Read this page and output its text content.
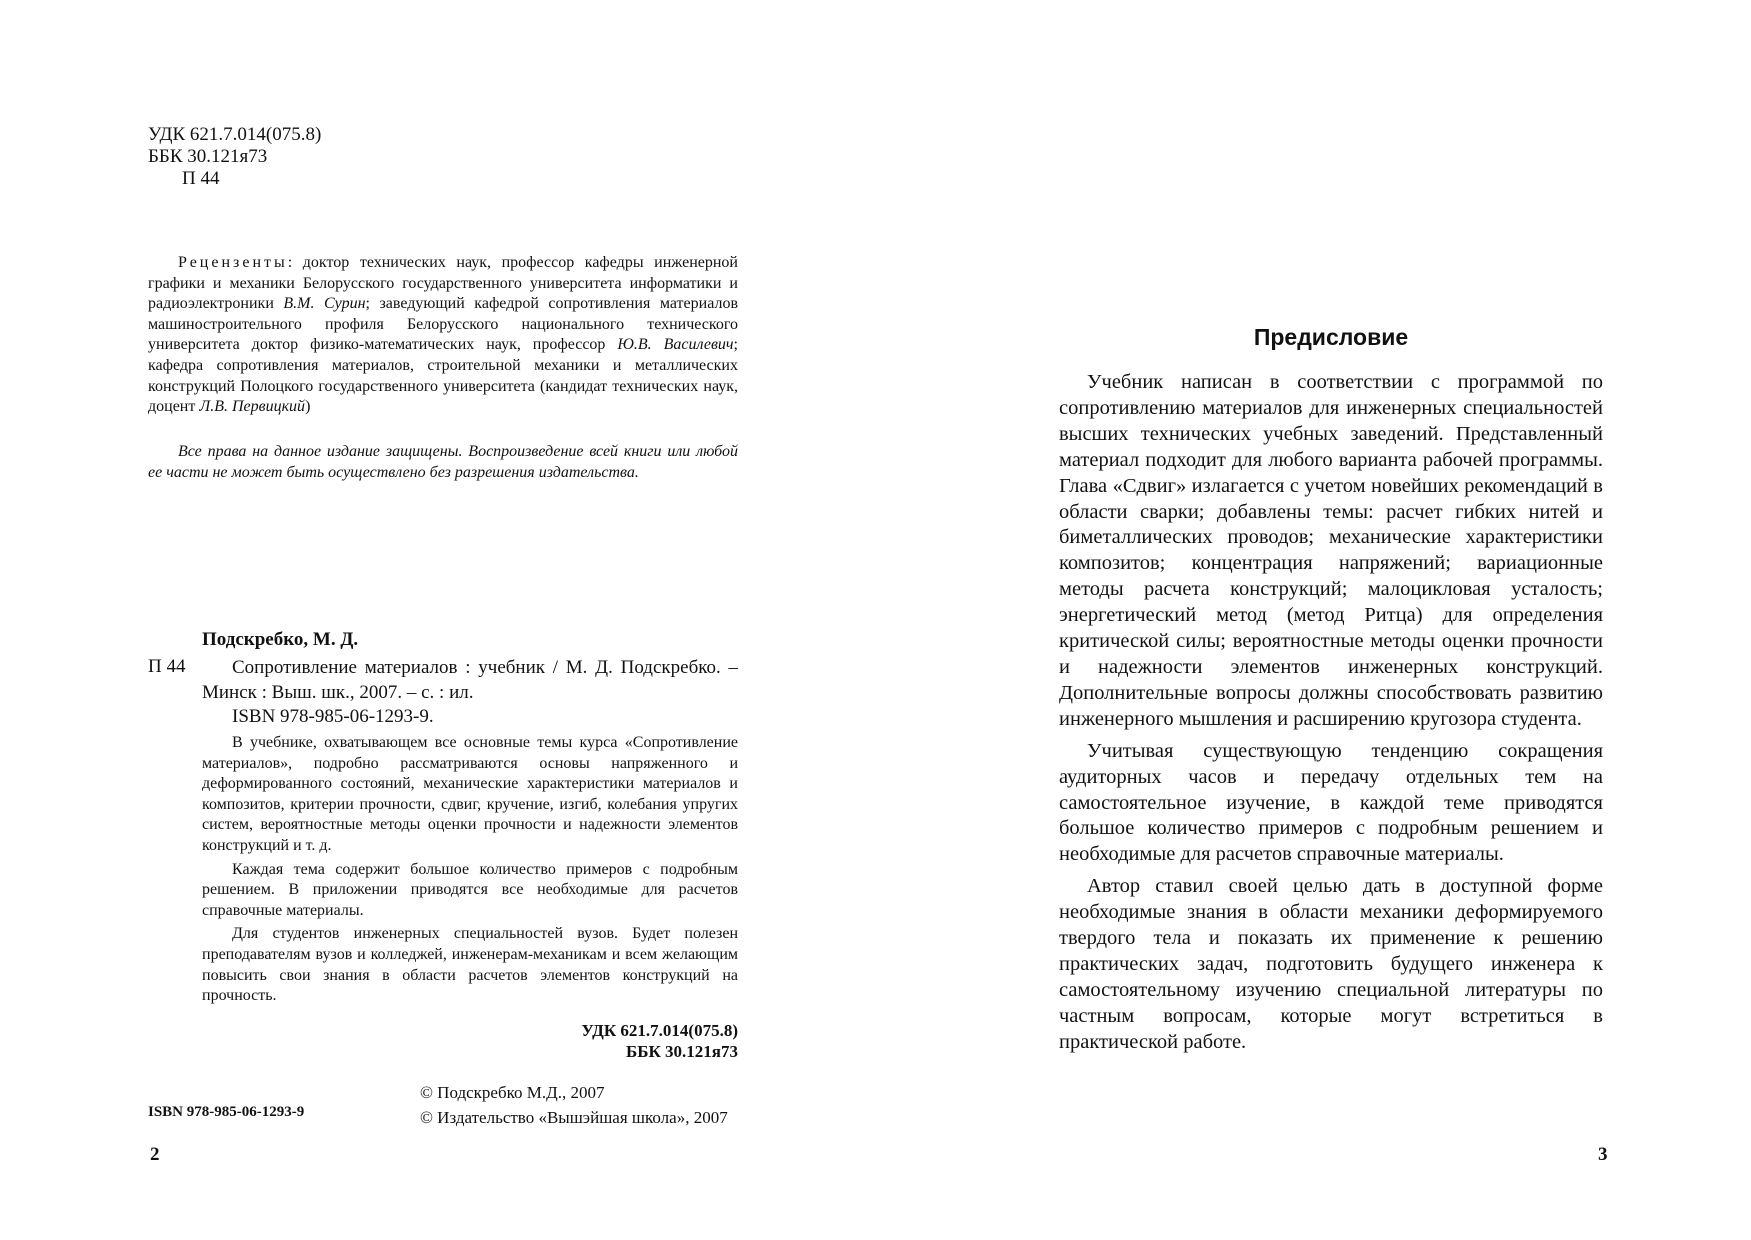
УДК 621.7.014(075.8)
ББК 30.121я73
П 44

Рецензенты: доктор технических наук, профессор кафедры инженерной графики и механики Белорусского государственного университета информатики и радиоэлектроники В.М. Сурин; заведующий кафедрой сопротивления материалов машиностроительного профиля Белорусского национального технического университета доктор физико-математических наук, профессор Ю.В. Василевич; кафедра сопротивления материалов, строительной механики и металлических конструкций Полоцкого государственного университета (кандидат технических наук, доцент Л.В. Первицкий)

Все права на данное издание защищены. Воспроизведение всей книги или любой ее части не может быть осуществлено без разрешения издательства.

Подскребко, М. Д.
П 44	Сопротивление материалов : учебник / М. Д. Подскребко. – Минск : Выш. шк., 2007. – с. : ил.

ISBN 978-985-06-1293-9.

В учебнике, охватывающем все основные темы курса «Сопротивление материалов», подробно рассматриваются основы напряженного и деформированного состояний, механические характеристики материалов и композитов, критерии прочности, сдвиг, кручение, изгиб, колебания упругих систем, вероятностные методы оценки прочности и надежности элементов конструкций и т. д.

Каждая тема содержит большое количество примеров с подробным решением. В приложении приводятся все необходимые для расчетов справочные материалы.

Для студентов инженерных специальностей вузов. Будет полезен преподавателям вузов и колледжей, инженерам-механикам и всем желающим повысить свои знания в области расчетов элементов конструкций на прочность.

УДК 621.7.014(075.8)
ББК 30.121я73
© Подскребко М.Д., 2007
© Издательство «Вышэйшая школа», 2007
ISBN 978-985-06-1293-9
2
Предисловие

Учебник написан в соответствии с программой по сопротивлению материалов для инженерных специальностей высших технических учебных заведений. Представленный материал подходит для любого варианта рабочей программы. Глава «Сдвиг» излагается с учетом новейших рекомендаций в области сварки; добавлены темы: расчет гибких нитей и биметаллических проводов; механические характеристики композитов; концентрация напряжений; вариационные методы расчета конструкций; малоцикловая усталость; энергетический метод (метод Ритца) для определения критической силы; вероятностные методы оценки прочности и надежности элементов инженерных конструкций. Дополнительные вопросы должны способствовать развитию инженерного мышления и расширению кругозора студента.

Учитывая существующую тенденцию сокращения аудиторных часов и передачу отдельных тем на самостоятельное изучение, в каждой теме приводятся большое количество примеров с подробным решением и необходимые для расчетов справочные материалы.

Автор ставил своей целью дать в доступной форме необходимые знания в области механики деформируемого твердого тела и показать их применение к решению практических задач, подготовить будущего инженера к самостоятельному изучению специальной литературы по частным вопросам, которые могут встретиться в практической работе.

3
